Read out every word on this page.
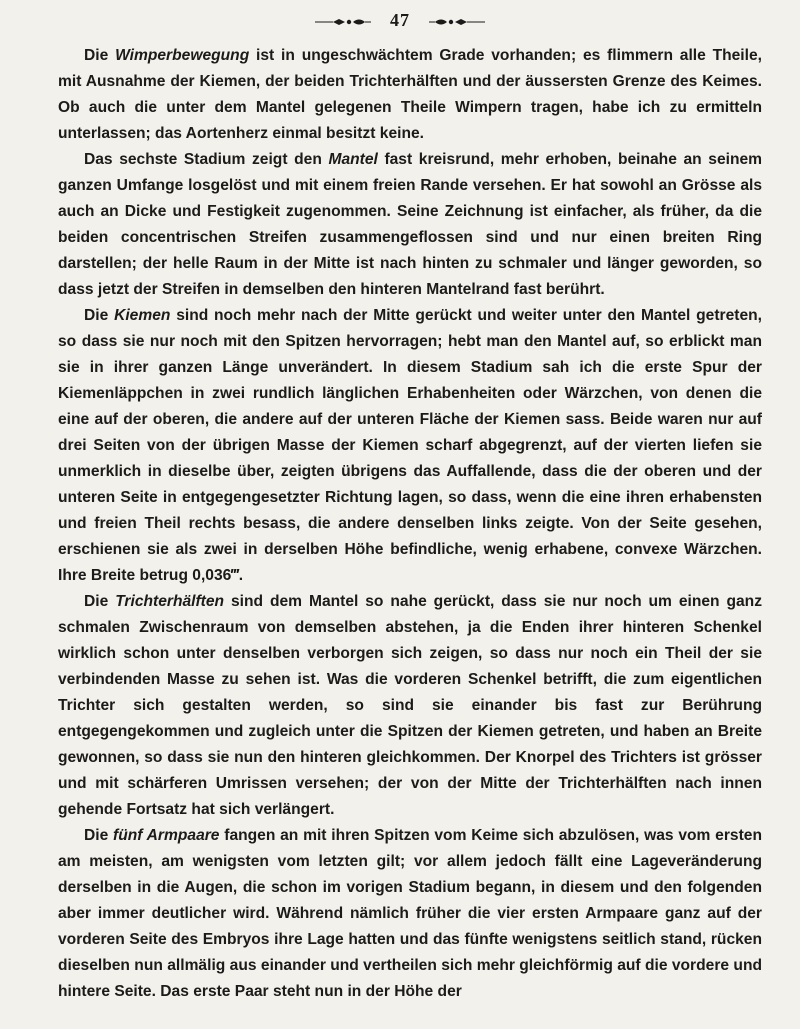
47

Die Wimperbewegung ist in ungeschwächtem Grade vorhanden; es flimmern alle Theile, mit Ausnahme der Kiemen, der beiden Trichterhälften und der äussersten Grenze des Keimes. Ob auch die unter dem Mantel gelegenen Theile Wimpern tragen, habe ich zu ermitteln unterlassen; das Aortenherz einmal besitzt keine.

Das sechste Stadium zeigt den Mantel fast kreisrund, mehr erhoben, beinahe an seinem ganzen Umfange losgelöst und mit einem freien Rande versehen. Er hat sowohl an Grösse als auch an Dicke und Festigkeit zugenommen. Seine Zeichnung ist einfacher, als früher, da die beiden concentrischen Streifen zusammengeflossen sind und nur einen breiten Ring darstellen; der helle Raum in der Mitte ist nach hinten zu schmaler und länger geworden, so dass jetzt der Streifen in demselben den hinteren Mantelrand fast berührt.

Die Kiemen sind noch mehr nach der Mitte gerückt und weiter unter den Mantel getreten, so dass sie nur noch mit den Spitzen hervorragen; hebt man den Mantel auf, so erblickt man sie in ihrer ganzen Länge unverändert. In diesem Stadium sah ich die erste Spur der Kiemenläppchen in zwei rundlich länglichen Erhabenheiten oder Wärzchen, von denen die eine auf der oberen, die andere auf der unteren Fläche der Kiemen sass. Beide waren nur auf drei Seiten von der übrigen Masse der Kiemen scharf abgegrenzt, auf der vierten liefen sie unmerklich in dieselbe über, zeigten übrigens das Auffallende, dass die der oberen und der unteren Seite in entgegengesetzter Richtung lagen, so dass, wenn die eine ihren erhabensten und freien Theil rechts besass, die andere denselben links zeigte. Von der Seite gesehen, erschienen sie als zwei in derselben Höhe befindliche, wenig erhabene, convexe Wärzchen. Ihre Breite betrug 0,036‴.

Die Trichterhälften sind dem Mantel so nahe gerückt, dass sie nur noch um einen ganz schmalen Zwischenraum von demselben abstehen, ja die Enden ihrer hinteren Schenkel wirklich schon unter denselben verborgen sich zeigen, so dass nur noch ein Theil der sie verbindenden Masse zu sehen ist. Was die vorderen Schenkel betrifft, die zum eigentlichen Trichter sich gestalten werden, so sind sie einander bis fast zur Berührung entgegengekommen und zugleich unter die Spitzen der Kiemen getreten, und haben an Breite gewonnen, so dass sie nun den hinteren gleichkommen. Der Knorpel des Trichters ist grösser und mit schärferen Umrissen versehen; der von der Mitte der Trichterhälften nach innen gehende Fortsatz hat sich verlängert.

Die fünf Armpaare fangen an mit ihren Spitzen vom Keime sich abzulösen, was vom ersten am meisten, am wenigsten vom letzten gilt; vor allem jedoch fällt eine Lageveränderung derselben in die Augen, die schon im vorigen Stadium begann, in diesem und den folgenden aber immer deutlicher wird. Während nämlich früher die vier ersten Armpaare ganz auf der vorderen Seite des Embryos ihre Lage hatten und das fünfte wenigstens seitlich stand, rücken dieselben nun allmälig aus einander und vertheilen sich mehr gleichförmig auf die vordere und hintere Seite. Das erste Paar steht nun in der Höhe der
